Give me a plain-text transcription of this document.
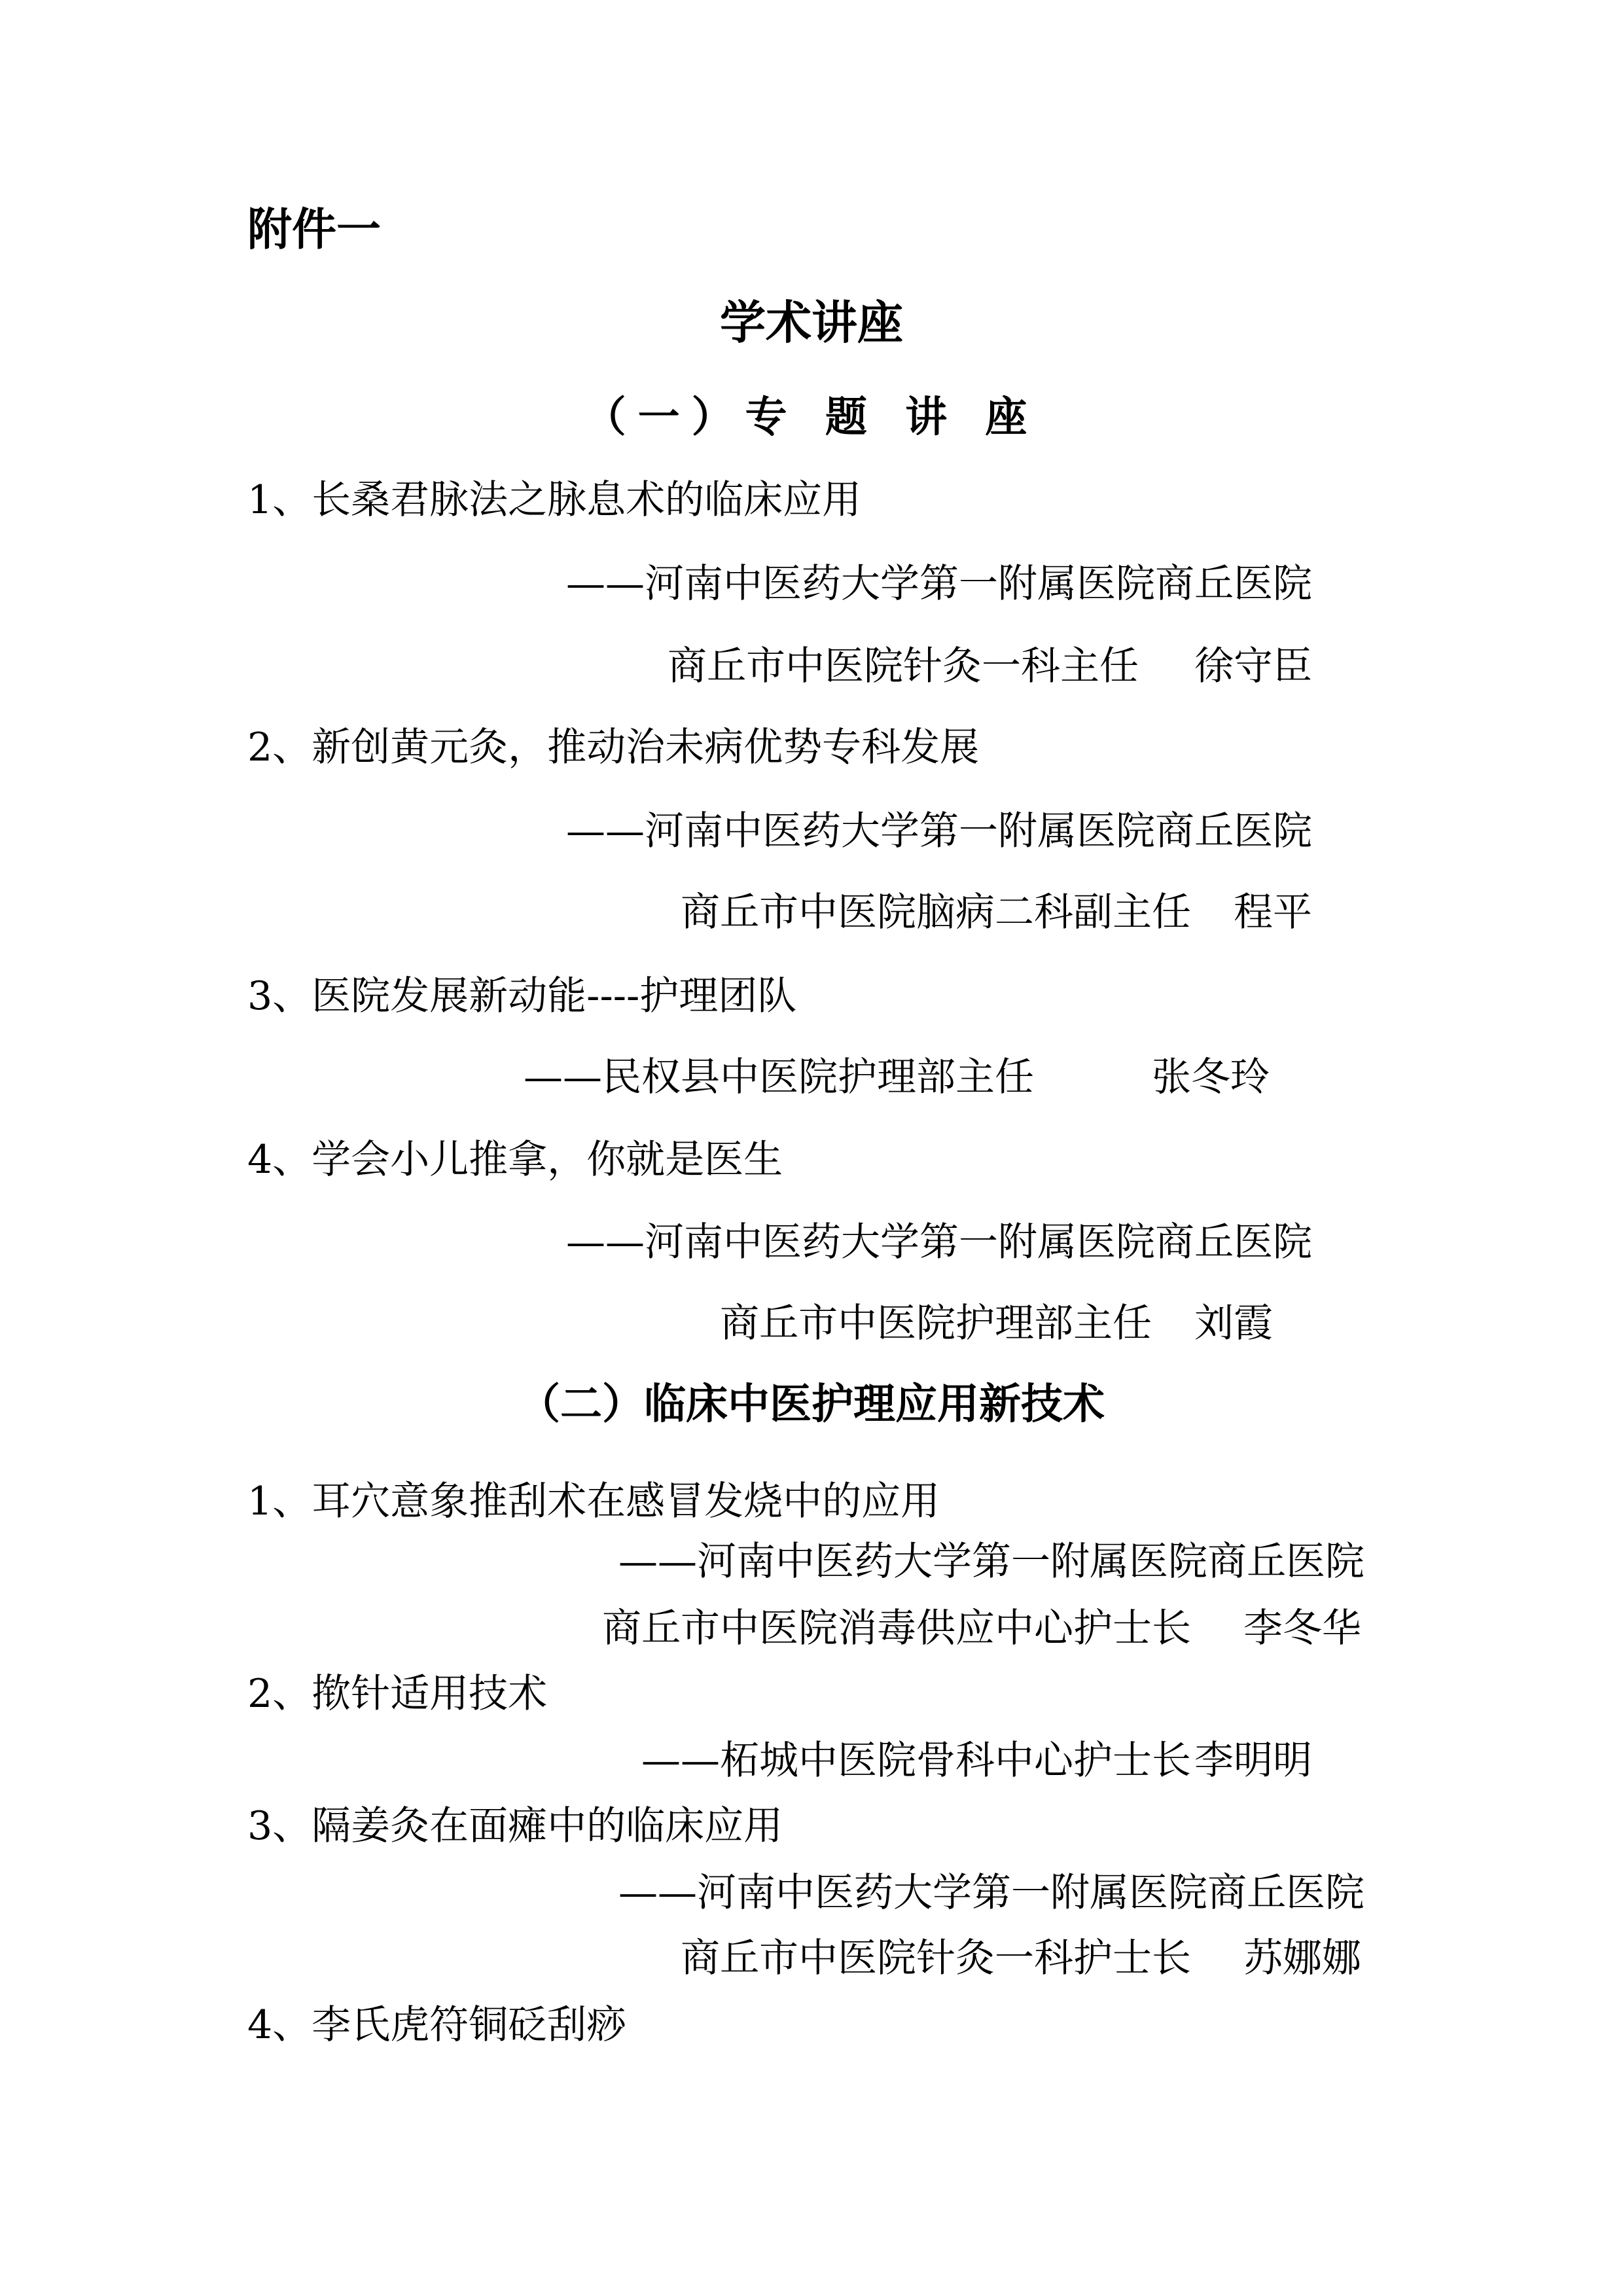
附件一
学术讲座
（一）专 题 讲 座
1、长桑君脉法之脉息术的临床应用
——河南中医药大学第一附属医院商丘医院
商丘市中医院针灸一科主任	徐守臣
2、新创黄元灸，推动治未病优势专科发展
——河南中医药大学第一附属医院商丘医院
商丘市中医院脑病二科副主任	程平
3、医院发展新动能----护理团队
——民权县中医院护理部主任	张冬玲
4、学会小儿推拿，你就是医生
——河南中医药大学第一附属医院商丘医院
商丘市中医院护理部主任	刘霞
（二）临床中医护理应用新技术
1、耳穴意象推刮术在感冒发烧中的应用
——河南中医药大学第一附属医院商丘医院
商丘市中医院消毒供应中心护士长	李冬华
2、揿针适用技术
——柘城中医院骨科中心护士长 李明明
3、隔姜灸在面瘫中的临床应用
——河南中医药大学第一附属医院商丘医院
商丘市中医院针灸一科护士长	苏娜娜
4、李氏虎符铜砭刮痧
